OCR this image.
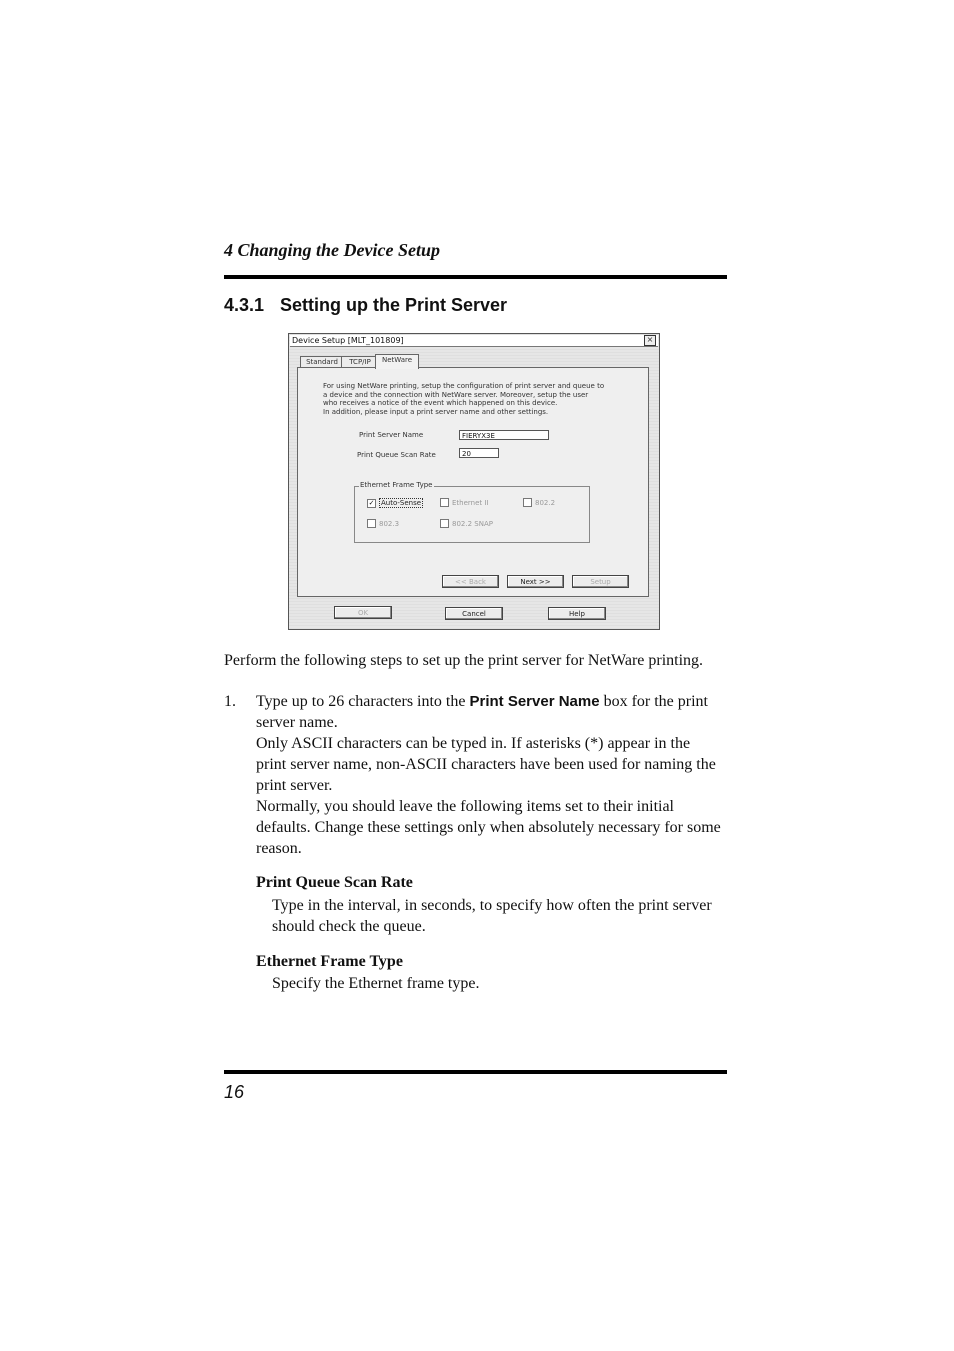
4 Changing the Device Setup
4.3.1 Setting up the Print Server
Device Setup [MLT_101809]	×
Standard	TCP/IP	NetWare
For using NetWare printing, setup the configuration of print server and queue to
a device and the connection with NetWare server. Moreover, setup the user
who receives a notice of the event which happened on this device.
In addition, please input a print server name and other settings.
Print Server Name	FIERYX3E
Print Queue Scan Rate	20
Ethernet Frame Type
✓ Auto-Sense	Ethernet II	802.2
802.3	802.2 SNAP
<< Back	Next >>	Setup
OK	Cancel	Help
Perform the following steps to set up the print server for NetWare printing.
1. Type up to 26 characters into the Print Server Name box for the print server name.
Only ASCII characters can be typed in. If asterisks (*) appear in the print server name, non-ASCII characters have been used for naming the print server.
Normally, you should leave the following items set to their initial defaults. Change these settings only when absolutely necessary for some reason.
Print Queue Scan Rate
Type in the interval, in seconds, to specify how often the print server should check the queue.
Ethernet Frame Type
Specify the Ethernet frame type.
16
